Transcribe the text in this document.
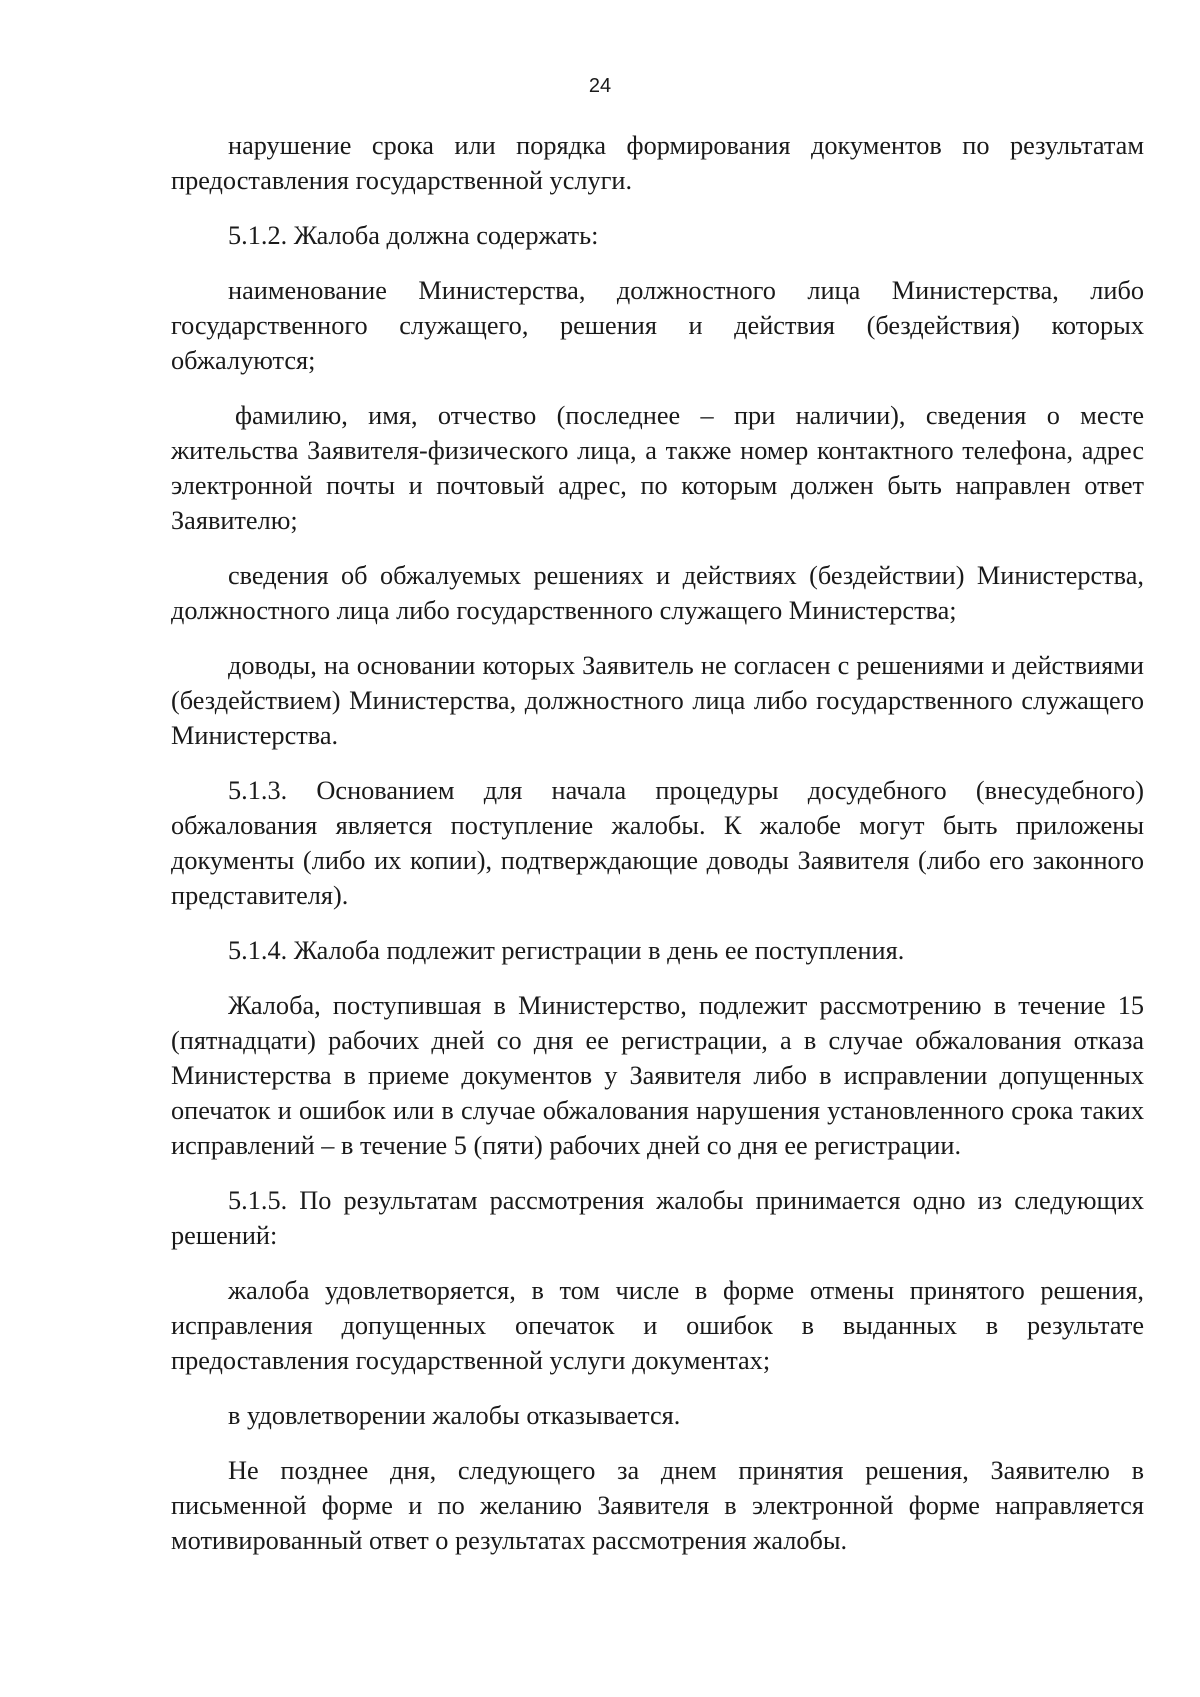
24

нарушение срока или порядка формирования документов по результатам предоставления государственной услуги.

5.1.2. Жалоба должна содержать:

наименование Министерства, должностного лица Министерства, либо государственного служащего, решения и действия (бездействия) которых обжалуются;

фамилию, имя, отчество (последнее – при наличии), сведения о месте жительства Заявителя-физического лица, а также номер контактного телефона, адрес электронной почты и почтовый адрес, по которым должен быть направлен ответ Заявителю;

сведения об обжалуемых решениях и действиях (бездействии) Министерства, должностного лица либо государственного служащего Министерства;

доводы, на основании которых Заявитель не согласен с решениями и действиями (бездействием) Министерства, должностного лица либо государственного служащего Министерства.

5.1.3. Основанием для начала процедуры досудебного (внесудебного) обжалования является поступление жалобы. К жалобе могут быть приложены документы (либо их копии), подтверждающие доводы Заявителя (либо его законного представителя).

5.1.4. Жалоба подлежит регистрации в день ее поступления.

Жалоба, поступившая в Министерство, подлежит рассмотрению в течение 15 (пятнадцати) рабочих дней со дня ее регистрации, а в случае обжалования отказа Министерства в приеме документов у Заявителя либо в исправлении допущенных опечаток и ошибок или в случае обжалования нарушения установленного срока таких исправлений – в течение 5 (пяти) рабочих дней со дня ее регистрации.

5.1.5. По результатам рассмотрения жалобы принимается одно из следующих решений:

жалоба удовлетворяется, в том числе в форме отмены принятого решения, исправления допущенных опечаток и ошибок в выданных в результате предоставления государственной услуги документах;

в удовлетворении жалобы отказывается.

Не позднее дня, следующего за днем принятия решения, Заявителю в письменной форме и по желанию Заявителя в электронной форме направляется мотивированный ответ о результатах рассмотрения жалобы.
